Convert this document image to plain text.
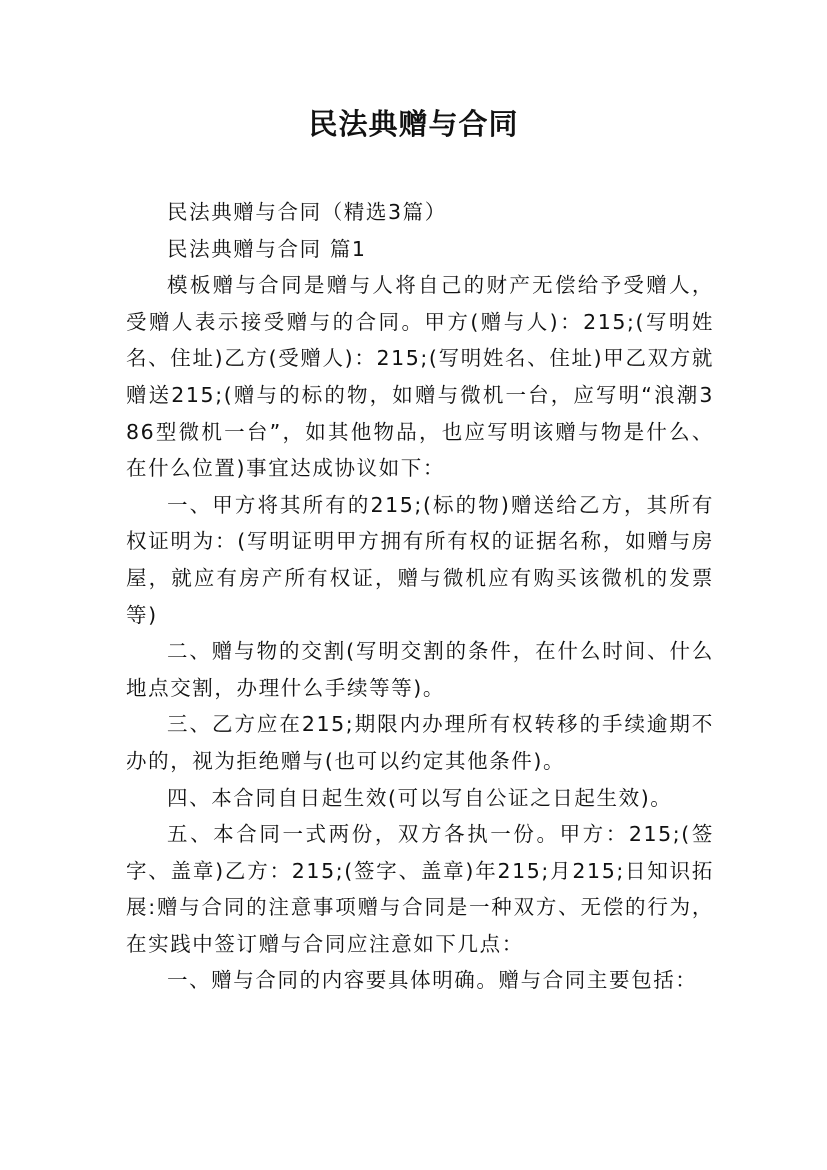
民法典赠与合同

民法典赠与合同（精选3篇）

民法典赠与合同 篇1

模板赠与合同是赠与人将自己的财产无偿给予受赠人，受赠人表示接受赠与的合同。甲方(赠与人)：215;(写明姓名、住址)乙方(受赠人)：215;(写明姓名、住址)甲乙双方就赠送215;(赠与的标的物，如赠与微机一台，应写明“浪潮386型微机一台”，如其他物品，也应写明该赠与物是什么、在什么位置)事宜达成协议如下：

一、甲方将其所有的215;(标的物)赠送给乙方，其所有权证明为：(写明证明甲方拥有所有权的证据名称，如赠与房屋，就应有房产所有权证，赠与微机应有购买该微机的发票等)

二、赠与物的交割(写明交割的条件，在什么时间、什么地点交割，办理什么手续等等)。

三、乙方应在215;期限内办理所有权转移的手续逾期不办的，视为拒绝赠与(也可以约定其他条件)。

四、本合同自日起生效(可以写自公证之日起生效)。

五、本合同一式两份，双方各执一份。甲方：215;(签字、盖章)乙方：215;(签字、盖章)年215;月215;日知识拓展:赠与合同的注意事项赠与合同是一种双方、无偿的行为，在实践中签订赠与合同应注意如下几点：

一、赠与合同的内容要具体明确。赠与合同主要包括：
